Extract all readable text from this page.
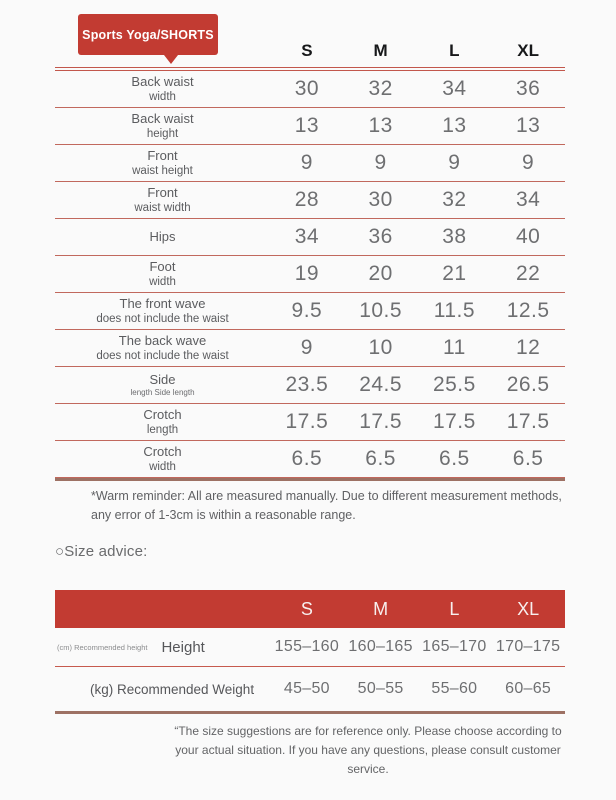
Sports Yoga/SHORTS
S	M	L	XL
Back waist
width	30	32	34	36
Back waist
height	13	13	13	13
Front
waist height	9	9	9	9
Front
waist width	28	30	32	34
Hips	34	36	38	40
Foot
width	19	20	21	22
The front wave
does not include the waist	9.5	10.5	11.5	12.5
The back wave
does not include the waist	9	10	11	12
Side
length Side length	23.5	24.5	25.5	26.5
Crotch
length	17.5	17.5	17.5	17.5
Crotch
width	6.5	6.5	6.5	6.5
*Warm reminder: All are measured manually. Due to different measurement methods, any error of 1-3cm is within a reasonable range.
○Size advice:
S	M	L	XL
(cm) Recommended height Height	155–160 160–165 165–170 170–175
(kg) Recommended Weight	45–50	50–55	55–60	60–65
“The size suggestions are for reference only. Please choose according to your actual situation. If you have any questions, please consult customer service.
